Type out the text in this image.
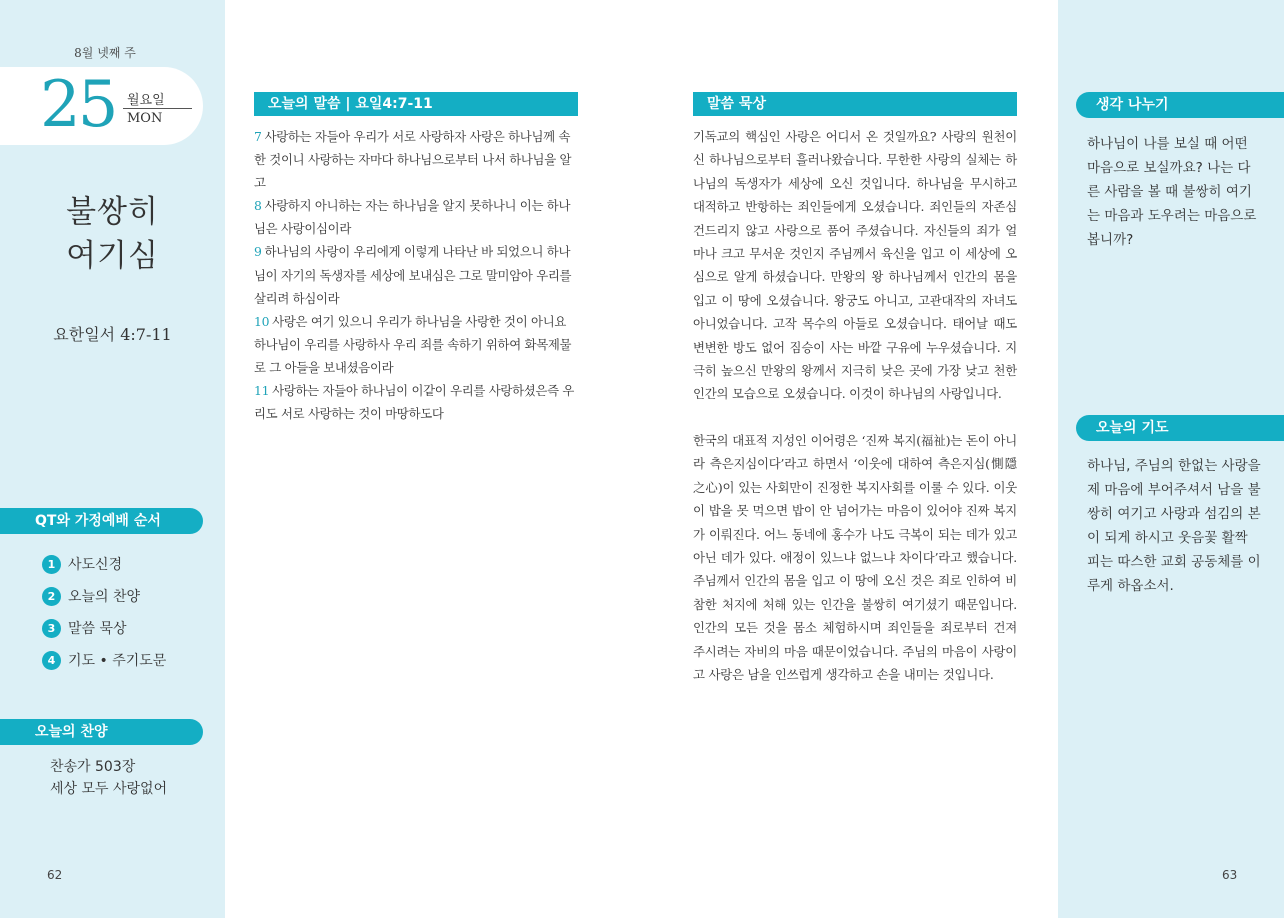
8월 넷째 주
25 월요일
MON
불쌍히
여기심
요한일서 4:7-11
QT와 가정예배 순서
1 사도신경
2 오늘의 찬양
3 말씀 묵상
4 기도 • 주기도문
오늘의 찬양
찬송가 503장
세상 모두 사랑없어
62
오늘의 말씀 | 요일4:7-11
7 사랑하는 자들아 우리가 서로 사랑하자 사랑은 하나님께 속한 것이니 사랑하는 자마다 하나님으로부터 나서 하나님을 알고
8 사랑하지 아니하는 자는 하나님을 알지 못하나니 이는 하나님은 사랑이심이라
9 하나님의 사랑이 우리에게 이렇게 나타난 바 되었으니 하나님이 자기의 독생자를 세상에 보내심은 그로 말미암아 우리를 살리려 하심이라
10 사랑은 여기 있으니 우리가 하나님을 사랑한 것이 아니요 하나님이 우리를 사랑하사 우리 죄를 속하기 위하여 화목제물로 그 아들을 보내셨음이라
11 사랑하는 자들아 하나님이 이같이 우리를 사랑하셨은즉 우리도 서로 사랑하는 것이 마땅하도다
말씀 묵상

기독교의 핵심인 사랑은 어디서 온 것일까요? 사랑의 원천이신 하나님으로부터 흘러나왔습니다. 무한한 사랑의 실체는 하나님의 독생자가 세상에 오신 것입니다. 하나님을 무시하고 대적하고 반항하는 죄인들에게 오셨습니다. 죄인들의 자존심 건드리지 않고 사랑으로 품어 주셨습니다. 자신들의 죄가 얼마나 크고 무서운 것인지 주님께서 육신을 입고 이 세상에 오심으로 알게 하셨습니다. 만왕의 왕 하나님께서 인간의 몸을 입고 이 땅에 오셨습니다. 왕궁도 아니고, 고관대작의 자녀도 아니었습니다. 고작 목수의 아들로 오셨습니다. 태어날 때도 변변한 방도 없어 짐승이 사는 바깥 구유에 누우셨습니다. 지극히 높으신 만왕의 왕께서 지극히 낮은 곳에 가장 낮고 천한 인간의 모습으로 오셨습니다. 이것이 하나님의 사랑입니다.

한국의 대표적 지성인 이어령은 ‘진짜 복지(福祉)는 돈이 아니라 측은지심이다’라고 하면서 ‘이웃에 대하여 측은지심(惻隱之心)이 있는 사회만이 진정한 복지사회를 이룰 수 있다. 이웃이 밥을 못 먹으면 밥이 안 넘어가는 마음이 있어야 진짜 복지가 이뤄진다. 어느 동네에 홍수가 나도 극복이 되는 데가 있고 아닌 데가 있다. 애정이 있느냐 없느냐 차이다’라고 했습니다. 주님께서 인간의 몸을 입고 이 땅에 오신 것은 죄로 인하여 비참한 처지에 처해 있는 인간을 불쌍히 여기셨기 때문입니다. 인간의 모든 것을 몸소 체험하시며 죄인들을 죄로부터 건져 주시려는 자비의 마음 때문이었습니다. 주님의 마음이 사랑이고 사랑은 남을 인쓰럽게 생각하고 손을 내미는 것입니다.

생각 나누기
하나님이 나를 보실 때 어떤 마음으로 보실까요? 나는 다른 사람을 볼 때 불쌍히 여기는 마음과 도우려는 마음으로 봅니까?
오늘의 기도
하나님, 주님의 한없는 사랑을 제 마음에 부어주셔서 남을 불쌍히 여기고 사랑과 섬김의 본이 되게 하시고 웃음꽃 활짝 피는 따스한 교회 공동체를 이루게 하옵소서.
63
